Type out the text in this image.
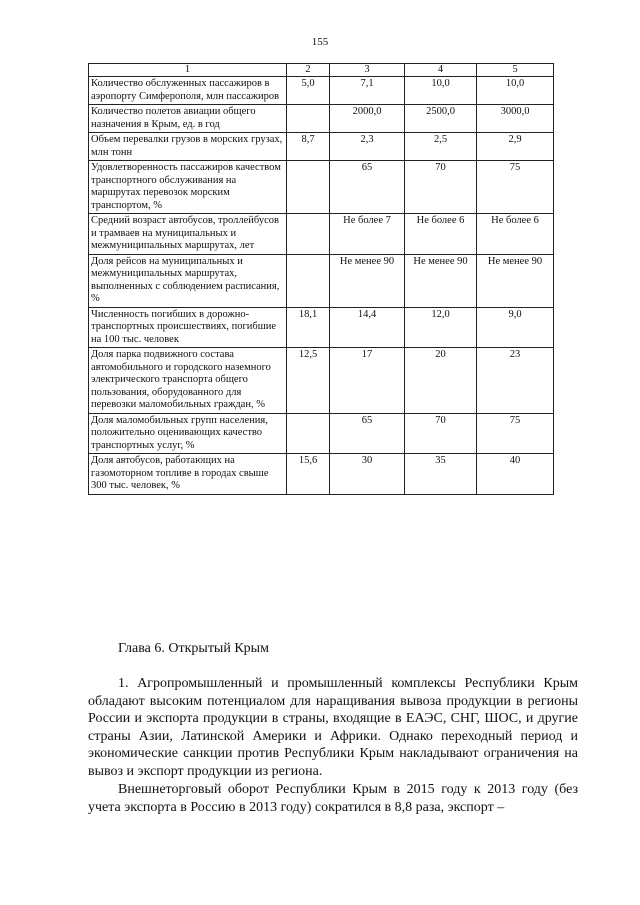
155
1	2	3	4	5
Количество обслуженных пассажиров в аэропорту Симферополя, млн пассажиров	5,0	7,1	10,0	10,0
Количество полетов авиации общего назначения в Крым, ед. в год		2000,0	2500,0	3000,0
Объем перевалки грузов в морских грузах, млн тонн	8,7	2,3	2,5	2,9
Удовлетворенность пассажиров качеством транспортного обслуживания на маршрутах перевозок морским транспортом, %		65	70	75
Средний возраст автобусов, троллейбусов и трамваев на муниципальных и межмуниципальных маршрутах, лет		Не более 7	Не более 6	Не более 6
Доля рейсов на муниципальных и межмуниципальных маршрутах, выполненных с соблюдением расписания, %		Не менее 90	Не менее 90	Не менее 90
Численность погибших в дорожно-транспортных происшествиях, погибшие на 100 тыс. человек	18,1	14,4	12,0	9,0
Доля парка подвижного состава автомобильного и городского наземного электрического транспорта общего пользования, оборудованного для перевозки маломобильных граждан, %	12,5	17	20	23
Доля маломобильных групп населения, положительно оценивающих качество транспортных услуг, %		65	70	75
Доля автобусов, работающих на газомоторном топливе в городах свыше 300 тыс. человек, %	15,6	30	35	40
Глава 6. Открытый Крым

1. Агропромышленный и промышленный комплексы Республики Крым обладают высоким потенциалом для наращивания вывоза продукции в регионы России и экспорта продукции в страны, входящие в ЕАЭС, СНГ, ШОС, и другие страны Азии, Латинской Америки и Африки. Однако переходный период и экономические санкции против Республики Крым накладывают ограничения на вывоз и экспорт продукции из региона.

Внешнеторговый оборот Республики Крым в 2015 году к 2013 году (без учета экспорта в Россию в 2013 году) сократился в 8,8 раза, экспорт –
